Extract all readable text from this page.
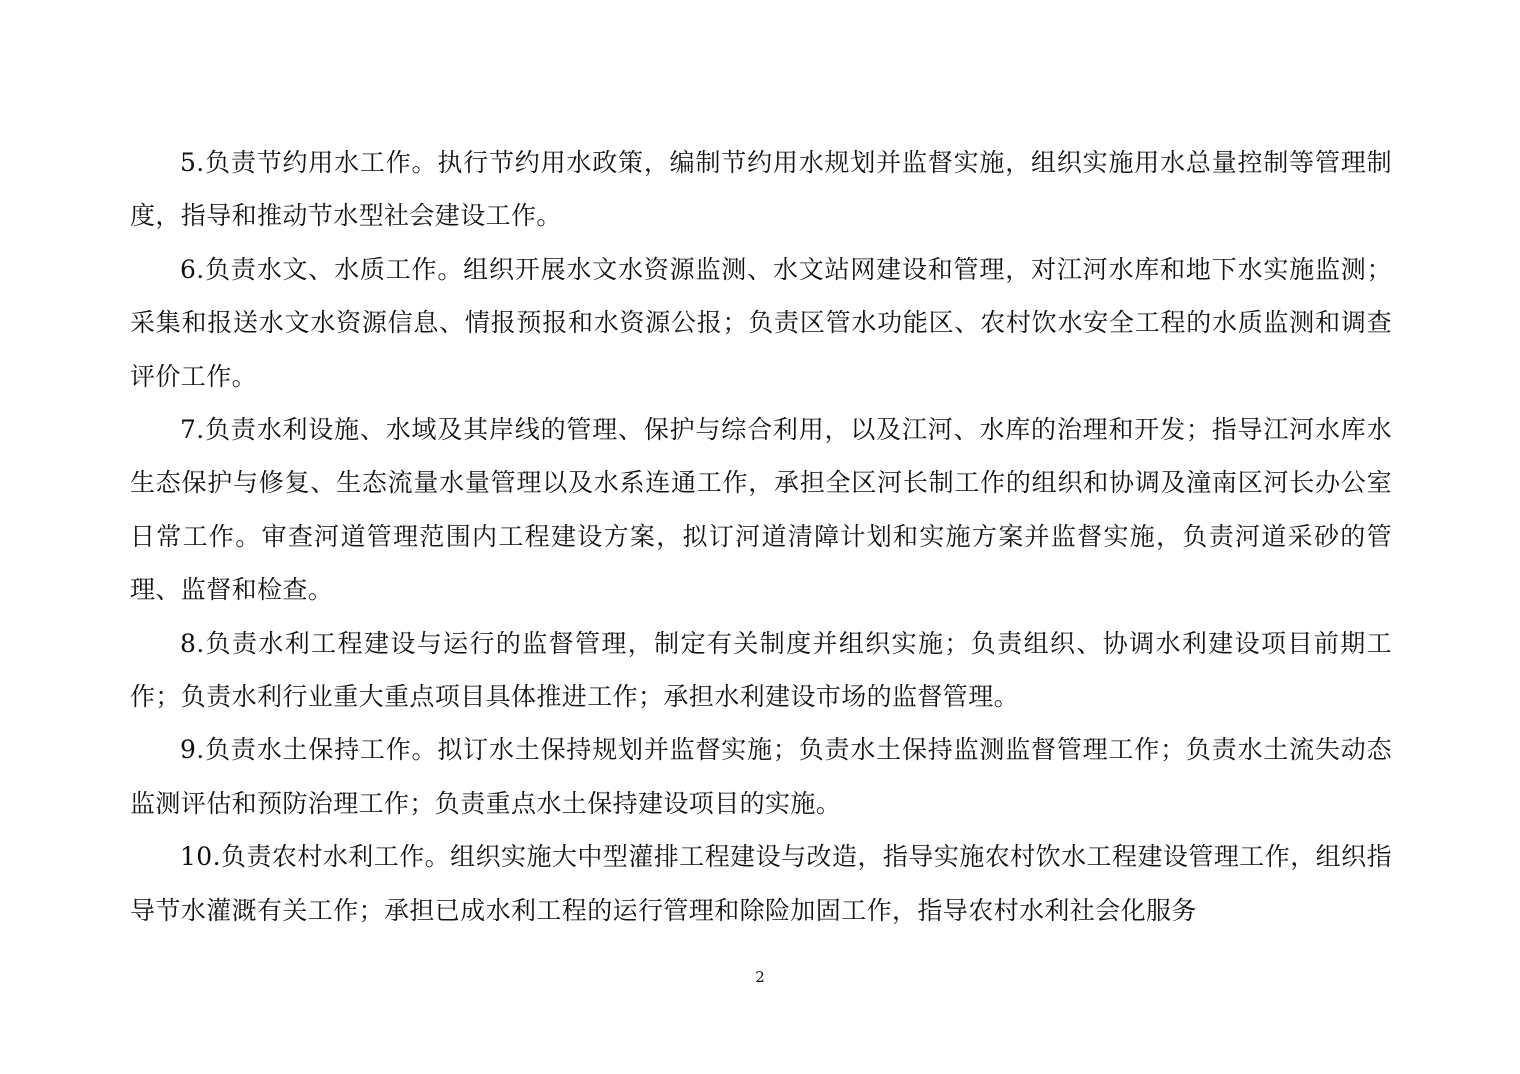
5.负责节约用水工作。执行节约用水政策，编制节约用水规划并监督实施，组织实施用水总量控制等管理制度，指导和推动节水型社会建设工作。

6.负责水文、水质工作。组织开展水文水资源监测、水文站网建设和管理，对江河水库和地下水实施监测；采集和报送水文水资源信息、情报预报和水资源公报；负责区管水功能区、农村饮水安全工程的水质监测和调查评价工作。

7.负责水利设施、水域及其岸线的管理、保护与综合利用，以及江河、水库的治理和开发；指导江河水库水生态保护与修复、生态流量水量管理以及水系连通工作，承担全区河长制工作的组织和协调及潼南区河长办公室日常工作。审查河道管理范围内工程建设方案，拟订河道清障计划和实施方案并监督实施，负责河道采砂的管理、监督和检查。

8.负责水利工程建设与运行的监督管理，制定有关制度并组织实施；负责组织、协调水利建设项目前期工作；负责水利行业重大重点项目具体推进工作；承担水利建设市场的监督管理。

9.负责水土保持工作。拟订水土保持规划并监督实施；负责水土保持监测监督管理工作；负责水土流失动态监测评估和预防治理工作；负责重点水土保持建设项目的实施。

10.负责农村水利工作。组织实施大中型灌排工程建设与改造，指导实施农村饮水工程建设管理工作，组织指导节水灌溉有关工作；承担已成水利工程的运行管理和除险加固工作，指导农村水利社会化服务

2
